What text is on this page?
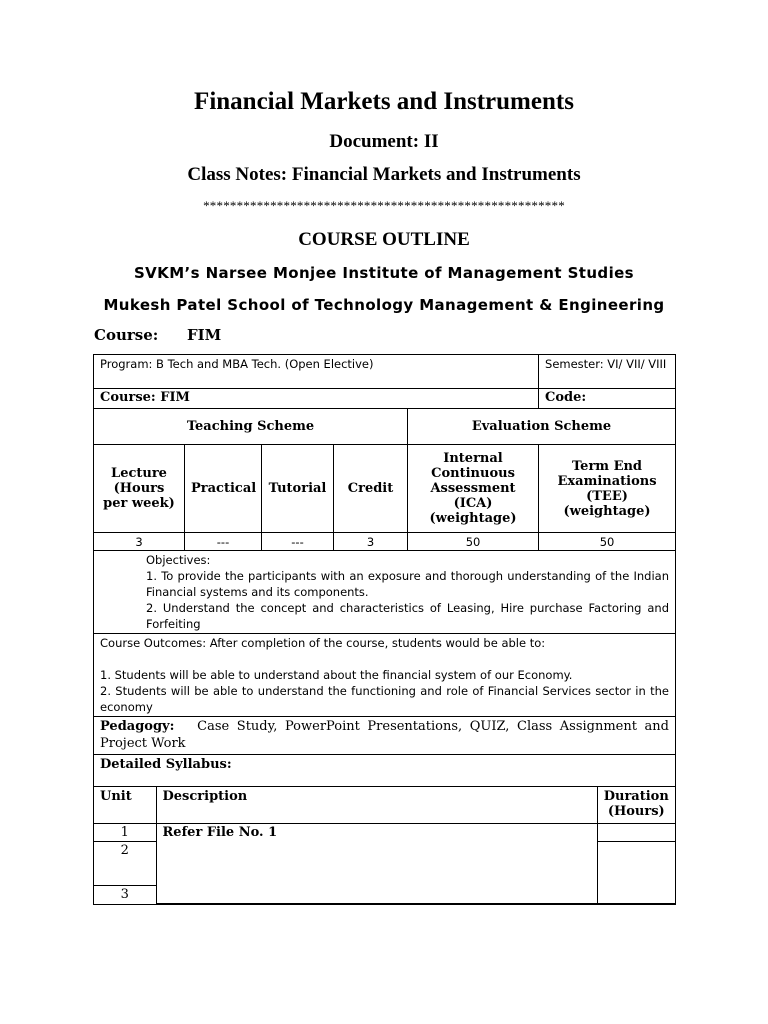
Financial Markets and Instruments
Document: II
Class Notes: Financial Markets and Instruments
******************************************************
COURSE OUTLINE
SVKM’s Narsee Monjee Institute of Management Studies
Mukesh Patel School of Technology Management & Engineering
Course: FIM
Program: B Tech and MBA Tech. (Open Elective)	Semester: VI/ VII/ VIII
Course: FIM	Code:
Teaching Scheme	Evaluation Scheme
Lecture (Hours per week)	Practical	Tutorial	Credit	Internal Continuous Assessment (ICA) (weightage)	Term End Examinations (TEE) (weightage)
3	---	---	3	50	50

Objectives:
1. To provide the participants with an exposure and thorough understanding of the Indian Financial systems and its components.
2. Understand the concept and characteristics of Leasing, Hire purchase Factoring and Forfeiting

Course Outcomes: After completion of the course, students would be able to:
1. Students will be able to understand about the financial system of our Economy.
2. Students will be able to understand the functioning and role of Financial Services sector in the economy

Pedagogy: Case Study, PowerPoint Presentations, QUIZ, Class Assignment and Project Work
Detailed Syllabus:

Unit	Description	Duration (Hours)
1	Refer File No. 1	
2	
3
